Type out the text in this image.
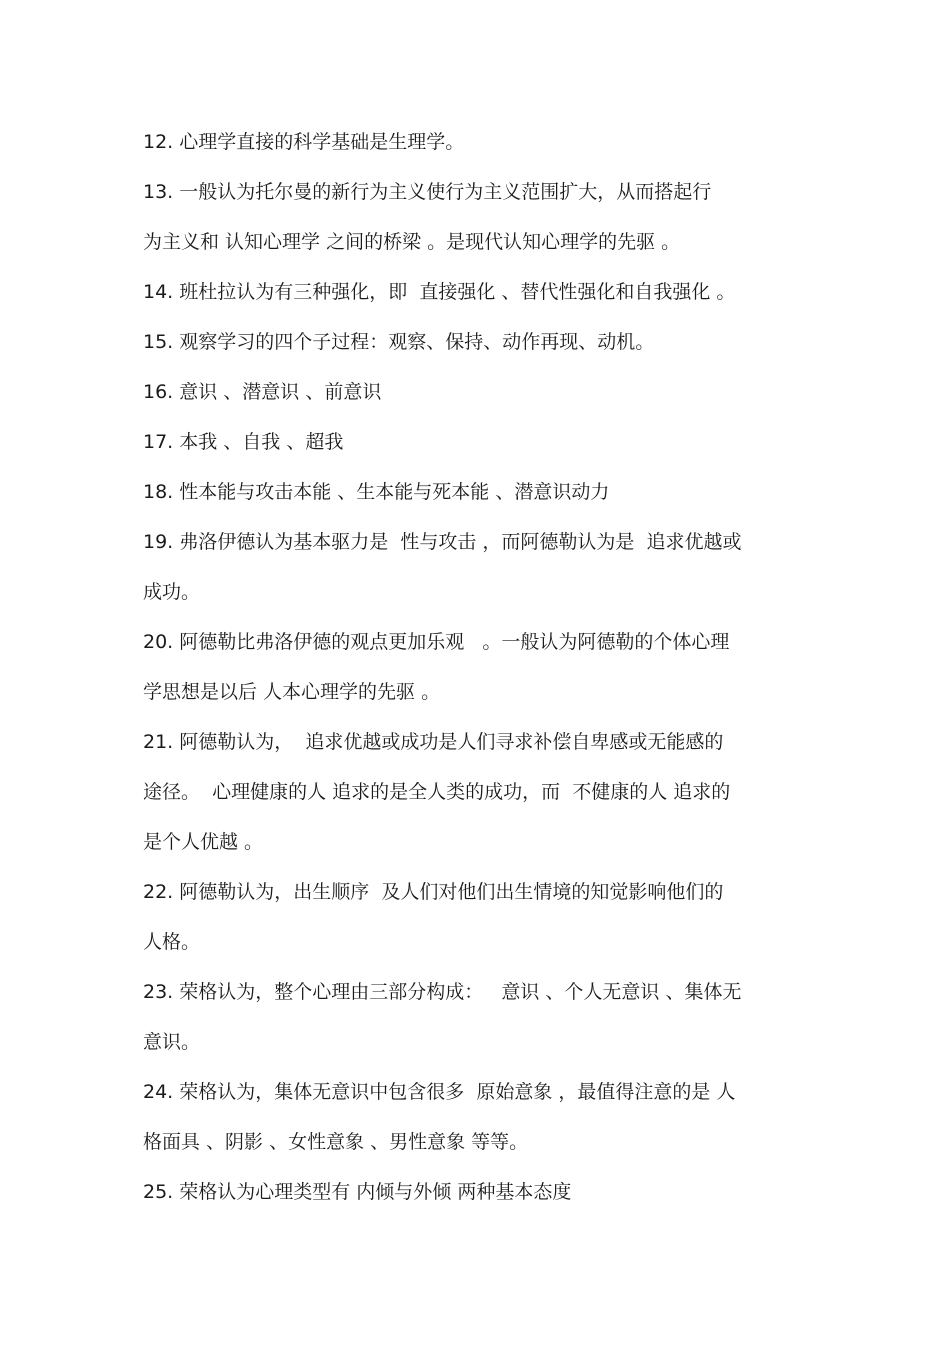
12. 心理学直接的科学基础是生理学。
13. 一般认为托尔曼的新行为主义使行为主义范围扩大，从而搭起行
为主义和 认知心理学 之间的桥梁 。是现代认知心理学的先驱 。
14. 班杜拉认为有三种强化，即  直接强化 、替代性强化和自我强化 。
15. 观察学习的四个子过程：观察、保持、动作再现、动机。
16. 意识 、潜意识 、前意识
17. 本我 、自我 、超我
18. 性本能与攻击本能 、生本能与死本能 、潜意识动力
19. 弗洛伊德认为基本驱力是  性与攻击 ，而阿德勒认为是  追求优越或
成功。
20. 阿德勒比弗洛伊德的观点更加乐观   。一般认为阿德勒的个体心理
学思想是以后 人本心理学的先驱 。
21. 阿德勒认为，  追求优越或成功是人们寻求补偿自卑感或无能感的
途径。  心理健康的人 追求的是全人类的成功，而  不健康的人 追求的
是个人优越 。
22. 阿德勒认为，出生顺序  及人们对他们出生情境的知觉影响他们的
人格。
23. 荣格认为，整个心理由三部分构成：   意识 、个人无意识 、集体无
意识。
24. 荣格认为，集体无意识中包含很多  原始意象 ，最值得注意的是 人
格面具 、阴影 、女性意象 、男性意象 等等。
25. 荣格认为心理类型有 内倾与外倾 两种基本态度
